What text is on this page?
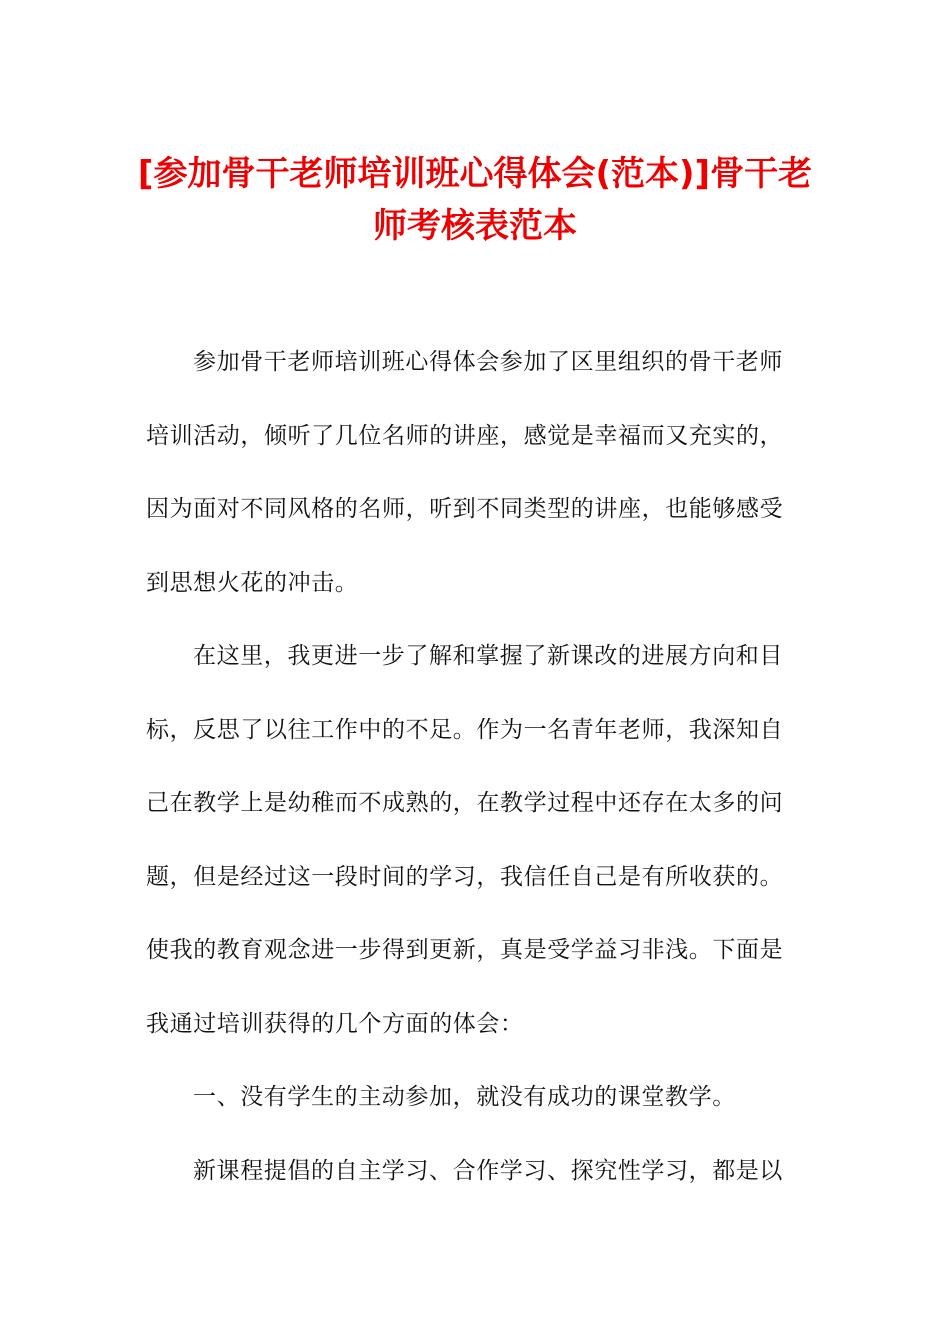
[参加骨干老师培训班心得体会(范本)]骨干老
师考核表范本
参加骨干老师培训班心得体会参加了区里组织的骨干老师
培训活动，倾听了几位名师的讲座，感觉是幸福而又充实的，
因为面对不同风格的名师，听到不同类型的讲座，也能够感受
到思想火花的冲击。
在这里，我更进一步了解和掌握了新课改的进展方向和目
标，反思了以往工作中的不足。作为一名青年老师，我深知自
己在教学上是幼稚而不成熟的，在教学过程中还存在太多的问
题，但是经过这一段时间的学习，我信任自己是有所收获的。
使我的教育观念进一步得到更新，真是受学益习非浅。下面是
我通过培训获得的几个方面的体会：
一、没有学生的主动参加，就没有成功的课堂教学。
新课程提倡的自主学习、合作学习、探究性学习，都是以
